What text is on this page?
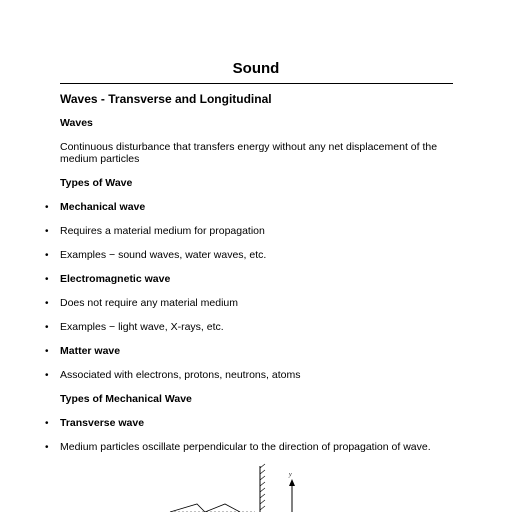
Sound
Waves - Transverse and Longitudinal
Waves
Continuous disturbance that transfers energy without any net displacement of the medium particles
Types of Wave
• Mechanical wave
• Requires a material medium for propagation
• Examples − sound waves, water waves, etc.
• Electromagnetic wave
• Does not require any material medium
• Examples − light wave, X-rays, etc.
• Matter wave
• Associated with electrons, protons, neutrons, atoms
Types of Mechanical Wave
• Transverse wave
• Medium particles oscillate perpendicular to the direction of propagation of wave.
y
